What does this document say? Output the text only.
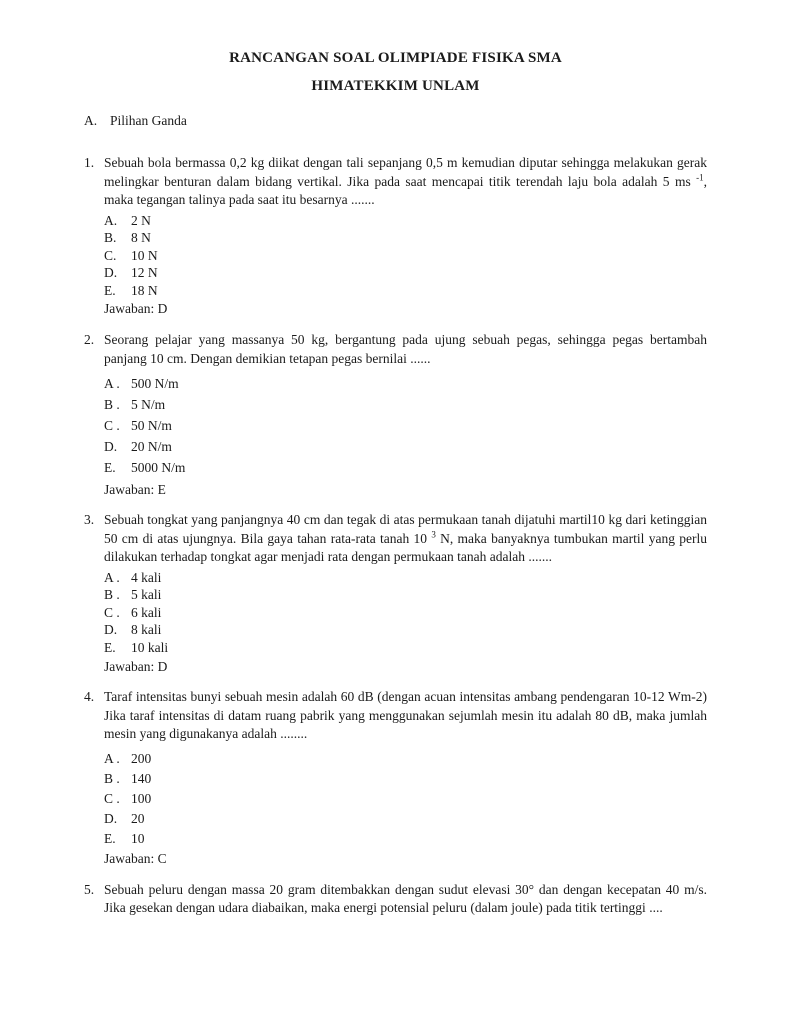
RANCANGAN SOAL OLIMPIADE FISIKA SMA
HIMATEKKIM UNLAM
A. Pilihan Ganda
1. Sebuah bola bermassa 0,2 kg diikat dengan tali sepanjang 0,5 m kemudian diputar sehingga melakukan gerak melingkar benturan dalam bidang vertikal. Jika pada saat mencapai titik terendah laju bola adalah 5 ms $^{-1}$, maka tegangan talinya pada saat itu besarnya .......

A.	2 N
B.	8 N
C.	10 N
D.	12 N
E.	18 N
Jawaban: D
2. Seorang pelajar yang massanya 50 kg, bergantung pada ujung sebuah pegas, sehingga pegas bertambah panjang 10 cm. Dengan demikian tetapan pegas bernilai ......

A . 500 N/m
B . 5 N/m
C . 50 N/m
D.	20 N/m
E.	5000 N/m
Jawaban: E
3. Sebuah tongkat yang panjangnya 40 cm dan tegak di atas permukaan tanah dijatuhi martil10 kg dari ketinggian 50 cm di atas ujungnya. Bila gaya tahan rata-rata tanah 10 $^3$ N, maka banyaknya tumbukan martil yang perlu dilakukan terhadap tongkat agar menjadi rata dengan permukaan tanah adalah .......

A . 4 kali
B . 5 kali
C . 6 kali
D.	8 kali
E.	10 kali
Jawaban: D
4. Taraf intensitas bunyi sebuah mesin adalah 60 dB (dengan acuan intensitas ambang pendengaran 10-12 Wm-2) Jika taraf intensitas di datam ruang pabrik yang menggunakan sejumlah mesin itu adalah 80 dB, maka jumlah mesin yang digunakanya adalah ........

A . 200
B . 140
C . 100
D.	20
E.	10
Jawaban: C
5. Sebuah peluru dengan massa 20 gram ditembakkan dengan sudut elevasi 30° dan dengan kecepatan 40 m/s. Jika gesekan dengan udara diabaikan, maka energi potensial peluru (dalam joule) pada titik tertinggi ....
